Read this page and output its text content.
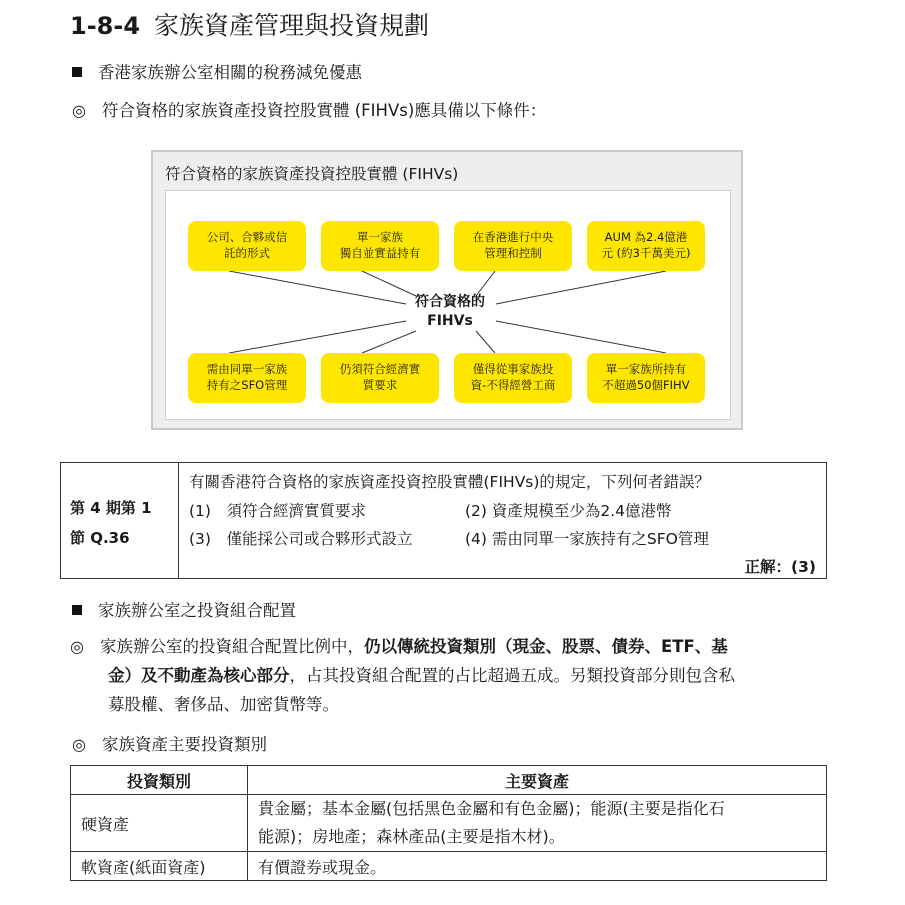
1-8-4 家族資產管理與投資規劃
香港家族辦公室相關的稅務減免優惠
◎ 符合資格的家族資產投資控股實體 (FIHVs)應具備以下條件：
符合資格的家族資產投資控股實體 (FIHVs)
公司、合夥或信
託的形式
單一家族
獨自並實益持有
在香港進行中央
管理和控制
AUM 為2.4億港
元 (約3千萬美元)
符合資格的
FIHVs
需由同單一家族
持有之SFO管理
仍須符合經濟實
質要求
僅得從事家族投
資-不得經營工商
單一家族所持有
不超過50個FIHV
第 4 期第 1
節 Q.36
有關香港符合資格的家族資產投資控股實體(FIHVs)的規定，下列何者錯誤？
(1)　須符合經濟實質要求	(2) 資產規模至少為2.4億港幣
(3)　僅能採公司或合夥形式設立	(4) 需由同單一家族持有之SFO管理
正解：(3)
家族辦公室之投資組合配置
◎ 家族辦公室的投資組合配置比例中，仍以傳統投資類別（現金、股票、債券、ETF、基
金）及不動產為核心部分，占其投資組合配置的占比超過五成。另類投資部分則包含私
募股權、奢侈品、加密貨幣等。
◎ 家族資產主要投資類別
投資類別	主要資產
硬資產	貴金屬；基本金屬(包括黑色金屬和有色金屬)；能源(主要是指化石
能源)；房地產；森林產品(主要是指木材)。
軟資產(紙面資產)	有價證券或現金。
